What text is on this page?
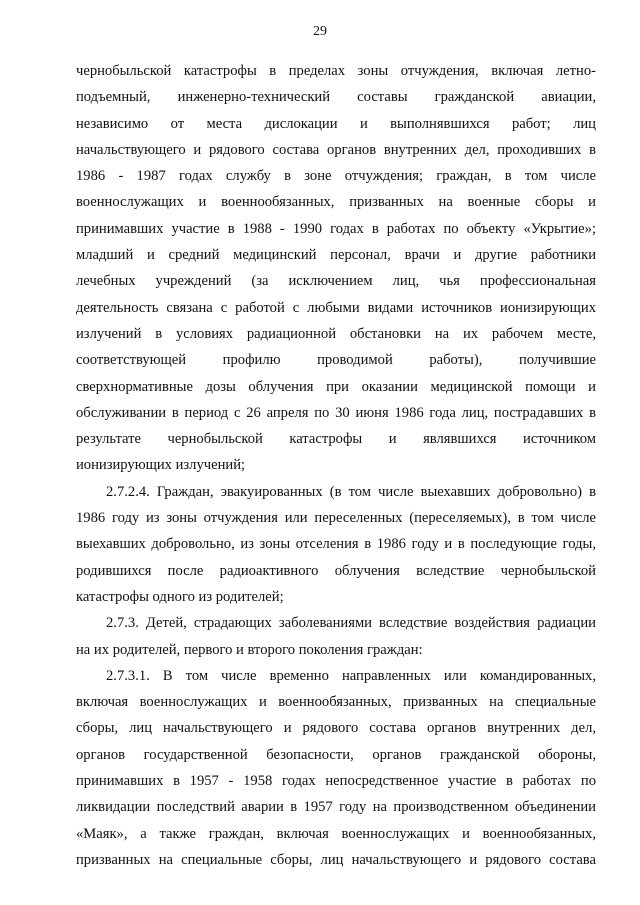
29
чернобыльской катастрофы в пределах зоны отчуждения, включая летно-
подъемный, инженерно-технический составы гражданской авиации,
независимо от места дислокации и выполнявшихся работ; лиц
начальствующего и рядового состава органов внутренних дел, проходивших в
1986 - 1987 годах службу в зоне отчуждения; граждан, в том числе
военнослужащих и военнообязанных, призванных на военные сборы и
принимавших участие в 1988 - 1990 годах в работах по объекту «Укрытие»;
младший и средний медицинский персонал, врачи и другие работники
лечебных учреждений (за исключением лиц, чья профессиональная
деятельность связана с работой с любыми видами источников ионизирующих
излучений в условиях радиационной обстановки на их рабочем месте,
соответствующей профилю проводимой работы), получившие
сверхнормативные дозы облучения при оказании медицинской помощи и
обслуживании в период с 26 апреля по 30 июня 1986 года лиц, пострадавших в
результате чернобыльской катастрофы и являвшихся источником
ионизирующих излучений;
2.7.2.4. Граждан, эвакуированных (в том числе выехавших добровольно) в
1986 году из зоны отчуждения или переселенных (переселяемых), в том числе
выехавших добровольно, из зоны отселения в 1986 году и в последующие годы,
родившихся после радиоактивного облучения вследствие чернобыльской
катастрофы одного из родителей;
2.7.3. Детей, страдающих заболеваниями вследствие воздействия радиации
на их родителей, первого и второго поколения граждан:
2.7.3.1. В том числе временно направленных или командированных,
включая военнослужащих и военнообязанных, призванных на специальные
сборы, лиц начальствующего и рядового состава органов внутренних дел,
органов государственной безопасности, органов гражданской обороны,
принимавших в 1957 - 1958 годах непосредственное участие в работах по
ликвидации последствий аварии в 1957 году на производственном объединении
«Маяк», а также граждан, включая военнослужащих и военнообязанных,
призванных на специальные сборы, лиц начальствующего и рядового состава
